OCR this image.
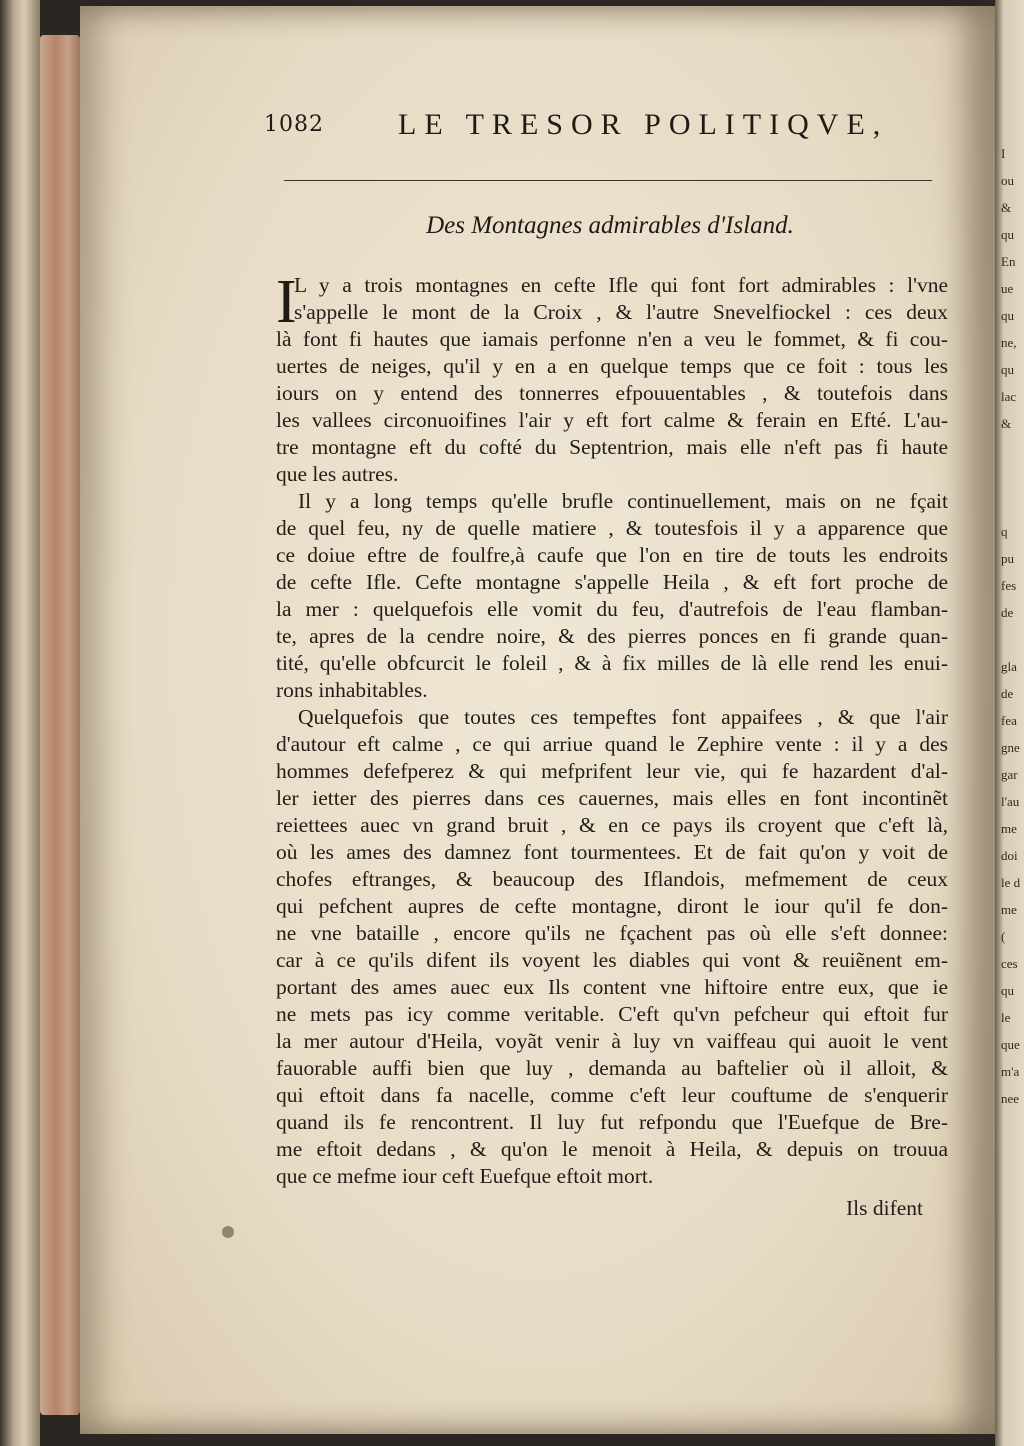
I
ou
&
qu
En
ue
qu
ne,
qu
lac
&

q
pu
fes
de

gla
de
fea
gne
gar
l'au
me
doi
le d
me
(
ces
qu
le
que
m'a
nee
1082 LE TRESOR POLITIQVE,
Des Montagnes admirables d'Island.
I
L y a trois montagnes en cefte Ifle qui font fort admirables : l'vne
s'appelle le mont de la Croix , & l'autre Snevelfiockel : ces deux
là font fi hautes que iamais perfonne n'en a veu le fommet, & fi cou-
uertes de neiges, qu'il y en a en quelque temps que ce foit : tous les
iours on y entend des tonnerres efpouuentables , & toutefois dans
les vallees circonuoifines l'air y eft fort calme & ferain en Efté. L'au-
tre montagne eft du cofté du Septentrion, mais elle n'eft pas fi haute
que les autres.
Il y a long temps qu'elle brufle continuellement, mais on ne fçait
de quel feu, ny de quelle matiere , & toutesfois il y a apparence que
ce doiue eftre de foulfre,à caufe que l'on en tire de touts les endroits
de cefte Ifle. Cefte montagne s'appelle Heila , & eft fort proche de
la mer : quelquefois elle vomit du feu, d'autrefois de l'eau flamban-
te, apres de la cendre noire, & des pierres ponces en fi grande quan-
tité, qu'elle obfcurcit le foleil , & à fix milles de là elle rend les enui-
rons inhabitables.
Quelquefois que toutes ces tempeftes font appaifees , & que l'air
d'autour eft calme , ce qui arriue quand le Zephire vente : il y a des
hommes defefperez & qui mefprifent leur vie, qui fe hazardent d'al-
ler ietter des pierres dans ces cauernes, mais elles en font incontinẽt
reiettees auec vn grand bruit , & en ce pays ils croyent que c'eft là,
où les ames des damnez font tourmentees. Et de fait qu'on y voit de
chofes eftranges, & beaucoup des Iflandois, mefmement de ceux
qui pefchent aupres de cefte montagne, diront le iour qu'il fe don-
ne vne bataille , encore qu'ils ne fçachent pas où elle s'eft donnee:
car à ce qu'ils difent ils voyent les diables qui vont & reuiẽnent em-
portant des ames auec eux Ils content vne hiftoire entre eux, que ie
ne mets pas icy comme veritable. C'eft qu'vn pefcheur qui eftoit fur
la mer autour d'Heila, voyãt venir à luy vn vaiffeau qui auoit le vent
fauorable auffi bien que luy , demanda au baftelier où il alloit, &
qui eftoit dans fa nacelle, comme c'eft leur couftume de s'enquerir
quand ils fe rencontrent. Il luy fut refpondu que l'Euefque de Bre-
me eftoit dedans , & qu'on le menoit à Heila, & depuis on trouua
que ce mefme iour ceft Euefque eftoit mort.
Ils difent
